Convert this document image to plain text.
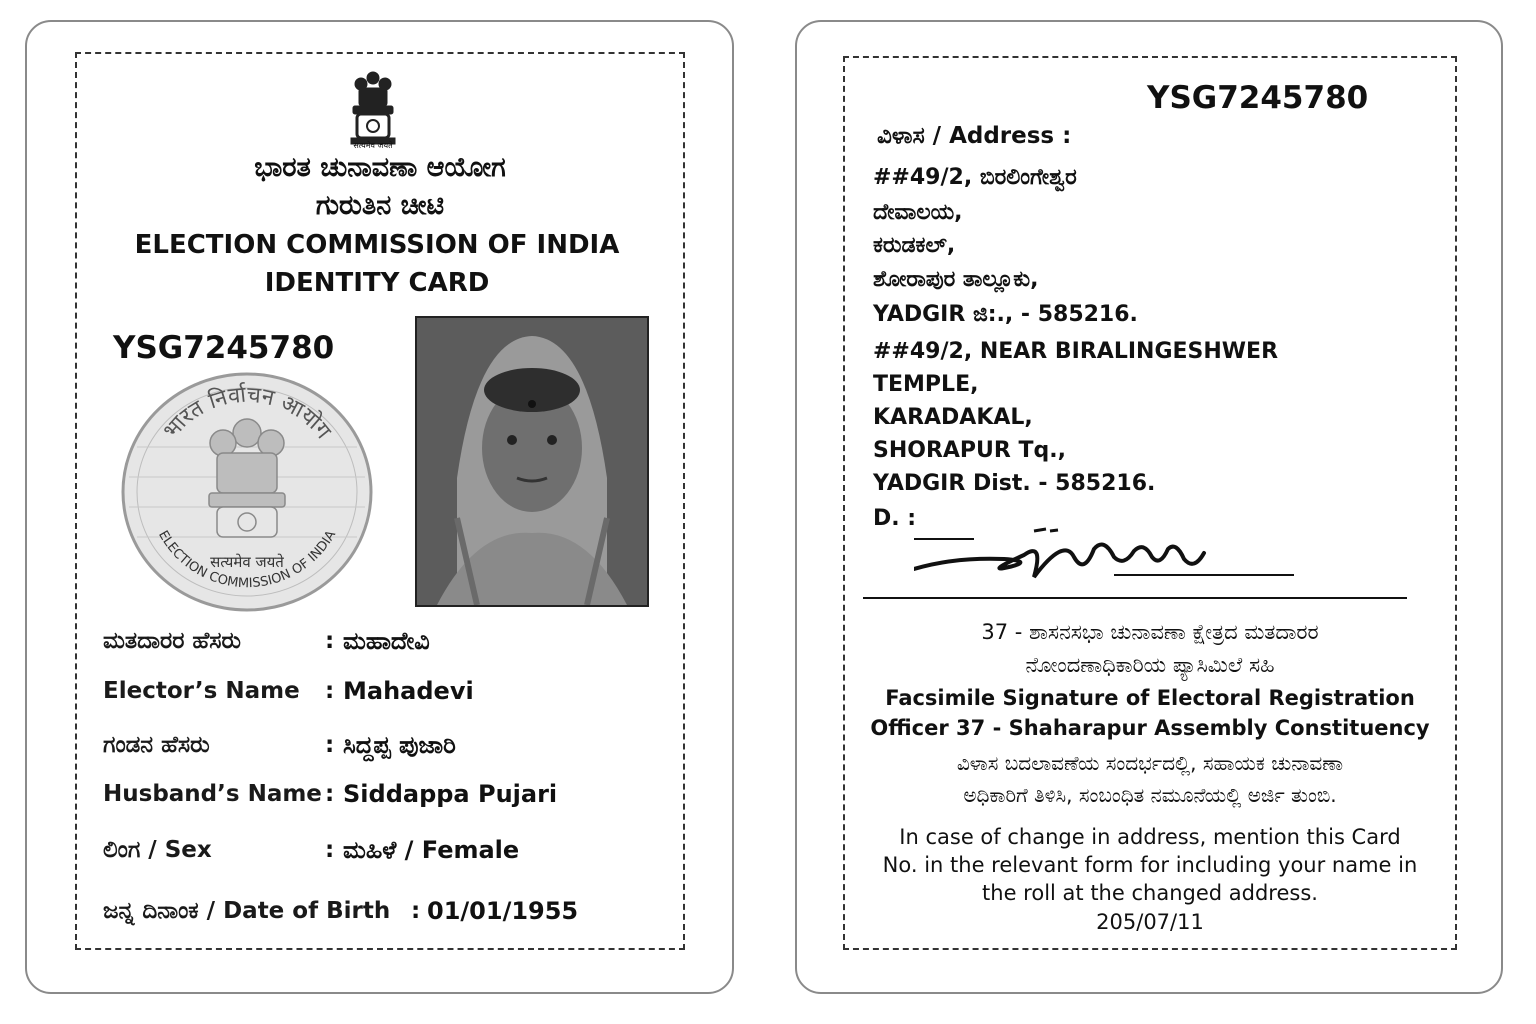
सत्यमेव जयते
ಭಾರತ ಚುನಾವಣಾ ಆಯೋಗ
ಗುರುತಿನ ಚೀಟಿ
ELECTION COMMISSION OF INDIA
IDENTITY CARD
YSG7245780
भारत निर्वाचन आयोग
सत्यमेव जयते
ELECTION COMMISSION OF INDIA
ಮತದಾರರ ಹೆಸರು	: ಮಹಾದೇವಿ
Elector’s Name : Mahadevi
ಗಂಡನ ಹೆಸರು	: ಸಿದ್ದಪ್ಪ ಪುಜಾರಿ
Husband’s Name : Siddappa Pujari
ಲಿಂಗ / Sex	: ಮಹಿಳೆ / Female
ಜನ್ನ ದಿನಾಂಕ / Date of Birth : 01/01/1955
YSG7245780
ವಿಳಾಸ / Address :
##49/2, ಬಿರಲಿಂಗೇಶ್ವರ
ದೇವಾಲಯ,
ಕರುಡಕಲ್,
ಶೋರಾಪುರ ತಾಲ್ಲೂಕು,
YADGIR ಜಿ:., - 585216.
##49/2, NEAR BIRALINGESHWER
TEMPLE,
KARADAKAL,
SHORAPUR Tq.,
YADGIR Dist. - 585216.
D. :
37 - ಶಾಸನಸಭಾ ಚುನಾವಣಾ ಕ್ಷೇತ್ರದ ಮತದಾರರ
ನೋಂದಣಾಧಿಕಾರಿಯ ಪ್ಯಾಸಿಮಿಲೆ ಸಹಿ
Facsimile Signature of Electoral Registration
Officer 37 - Shaharapur Assembly Constituency
ವಿಳಾಸ ಬದಲಾವಣೆಯ ಸಂದರ್ಭದಲ್ಲಿ, ಸಹಾಯಕ ಚುನಾವಣಾ
ಅಧಿಕಾರಿಗೆ ತಿಳಿಸಿ, ಸಂಬಂಧಿತ ನಮೂನೆಯಲ್ಲಿ ಅರ್ಜಿ ತುಂಬಿ.
In case of change in address, mention this Card
No. in the relevant form for including your name in
the roll at the changed address.
205/07/11
